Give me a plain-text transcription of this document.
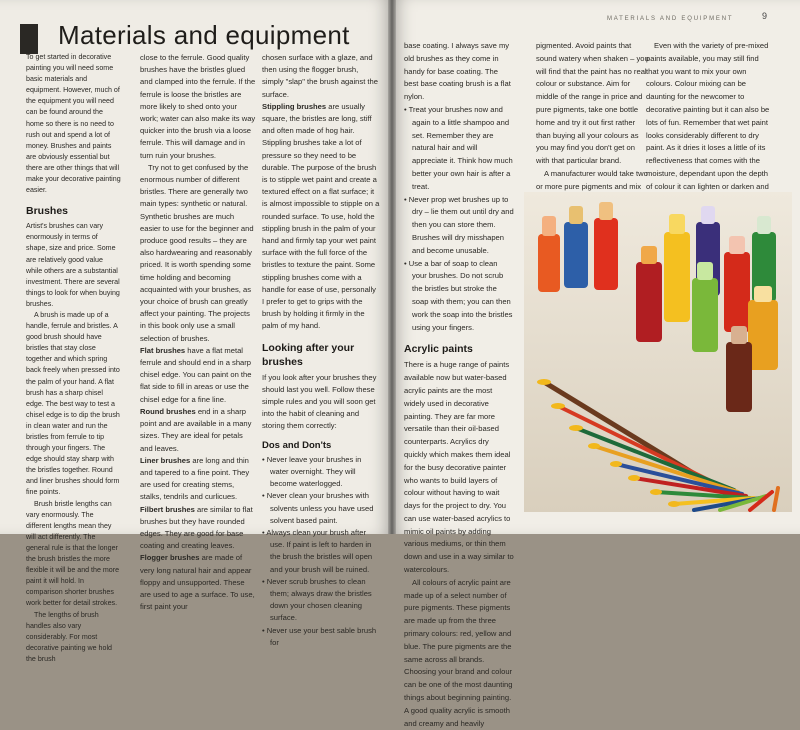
Materials and equipment

To get started in decorative painting you will need some basic materials and equipment. However, much of the equipment you will need can be found around the home so there is no need to rush out and spend a lot of money. Brushes and paints are obviously essential but there are other things that will make your decorative painting easier.

Brushes

Artist's brushes can vary enormously in terms of shape, size and price. Some are relatively good value while others are a substantial investment. There are several things to look for when buying brushes.

A brush is made up of a handle, ferrule and bristles. A good brush should have bristles that stay close together and which spring back freely when pressed into the palm of your hand. A flat brush has a sharp chisel edge. The best way to test a chisel edge is to dip the brush in clean water and run the bristles from ferrule to tip through your fingers. The edge should stay sharp with the bristles together. Round and liner brushes should form fine points.

Brush bristle lengths can vary enormously. The different lengths mean they will act differently. The general rule is that the longer the brush bristles the more flexible it will be and the more paint it will hold. In comparison shorter brushes work better for detail strokes.

The lengths of brush handles also vary considerably. For most decorative painting we hold the brush

close to the ferrule. Good quality brushes have the bristles glued and clamped into the ferrule. If the ferrule is loose the bristles are more likely to shed onto your work; water can also make its way quicker into the brush via a loose ferrule. This will damage and in turn ruin your brushes.

Try not to get confused by the enormous number of different bristles. There are generally two main types: synthetic or natural. Synthetic brushes are much easier to use for the beginner and produce good results – they are also hardwearing and reasonably priced. It is worth spending some time holding and becoming acquainted with your brushes, as your choice of brush can greatly affect your painting. The projects in this book only use a small selection of brushes.

Flat brushes have a flat metal ferrule and should end in a sharp chisel edge. You can paint on the flat side to fill in areas or use the chisel edge for a fine line.

Round brushes end in a sharp point and are available in a many sizes. They are ideal for petals and leaves.

Liner brushes are long and thin and tapered to a fine point. They are used for creating stems, stalks, tendrils and curlicues.

Filbert brushes are similar to flat brushes but they have rounded edges. They are good for base coating and creating leaves.

Flogger brushes are made of very long natural hair and appear floppy and unsupported. These are used to age a surface. To use, first paint your

chosen surface with a glaze, and then using the flogger brush, simply "slap" the brush against the surface.

Stippling brushes are usually square, the bristles are long, stiff and often made of hog hair. Stippling brushes take a lot of pressure so they need to be durable. The purpose of the brush is to stipple wet paint and create a textured effect on a flat surface; it is almost impossible to stipple on a rounded surface. To use, hold the stippling brush in the palm of your hand and firmly tap your wet paint surface with the full force of the bristles to texture the paint. Some stippling brushes come with a handle for ease of use, personally I prefer to get to grips with the brush by holding it firmly in the palm of my hand.

Looking after your brushes

If you look after your brushes they should last you well. Follow these simple rules and you will soon get into the habit of cleaning and storing them correctly:

Dos and Don'ts

• Never leave your brushes in water overnight. They will become waterlogged.

• Never clean your brushes with solvents unless you have used solvent based paint.

• Always clean your brush after use. If paint is left to harden in the brush the bristles will open and your brush will be ruined.

• Never scrub brushes to clean them; always draw the bristles down your chosen cleaning surface.

• Never use your best sable brush for

MATERIALS AND EQUIPMENT	9

base coating. I always save my old brushes as they come in handy for base coating. The best base coating brush is a flat nylon.

• Treat your brushes now and again to a little shampoo and set. Remember they are natural hair and will appreciate it. Think how much better your own hair is after a treat.

• Never prop wet brushes up to dry – lie them out until dry and then you can store them. Brushes will dry misshapen and become unusable.

• Use a bar of soap to clean your brushes. Do not scrub the bristles but stroke the soap with them; you can then work the soap into the bristles using your fingers.

Acrylic paints

There is a huge range of paints available now but water-based acrylic paints are the most widely used in decorative painting. They are far more versatile than their oil-based counterparts. Acrylics dry quickly which makes them ideal for the busy decorative painter who wants to build layers of colour without having to wait days for the project to dry. You can use water-based acrylics to mimic oil paints by adding various mediums, or thin them down and use in a way similar to watercolours.

All colours of acrylic paint are made up of a select number of pure pigments. These pigments are made up from the three primary colours: red, yellow and blue. The pure pigments are the same across all brands. Choosing your brand and colour can be one of the most daunting things about beginning painting. A good quality acrylic is smooth and creamy and heavily

pigmented. Avoid paints that sound watery when shaken – you will find that the paint has no real colour or substance. Aim for middle of the range in price and pure pigments, take one bottle home and try it out first rather than buying all your colours as you may find you don't get on with that particular brand.

A manufacturer would take two or more pure pigments and mix

Even with the variety of pre-mixed paints available, you may still find that you want to mix your own colours. Colour mixing can be daunting for the newcomer to decorative painting but it can also be lots of fun. Remember that wet paint looks considerably different to dry paint. As it dries it loses a little of its reflectiveness that comes with the moisture, dependant upon the depth of colour it can lighten or darken and
